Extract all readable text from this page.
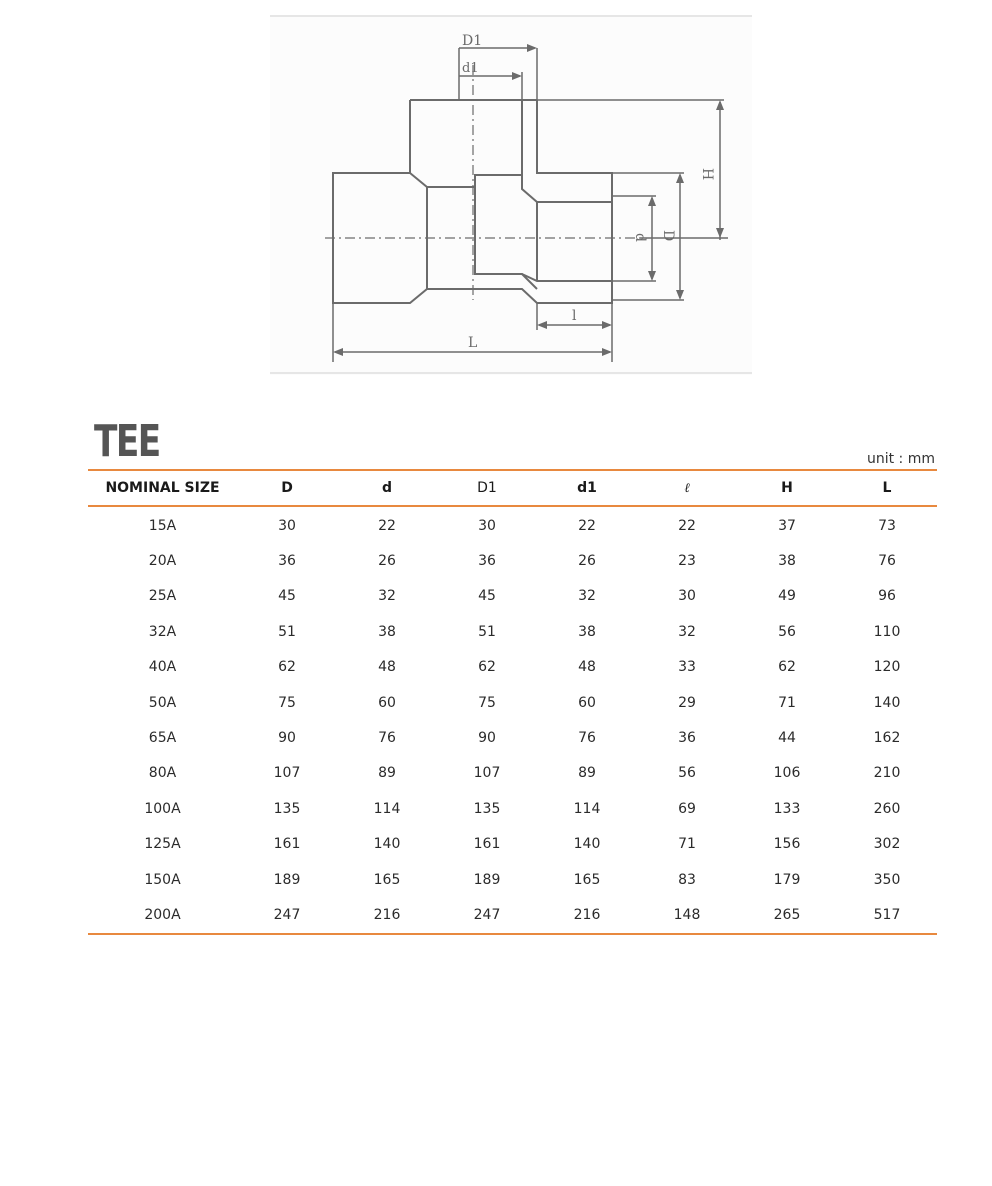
D1
d1
H
D
d
l
L
TEE	unit : mm
NOMINAL SIZE	D	d	D1	d1	ℓ	H	L
15A	30	22	30	22	22	37	73
20A	36	26	36	26	23	38	76
25A	45	32	45	32	30	49	96
32A	51	38	51	38	32	56	110
40A	62	48	62	48	33	62	120
50A	75	60	75	60	29	71	140
65A	90	76	90	76	36	44	162
80A	107	89	107	89	56	106	210
100A	135	114	135	114	69	133	260
125A	161	140	161	140	71	156	302
150A	189	165	189	165	83	179	350
200A	247	216	247	216	148	265	517
